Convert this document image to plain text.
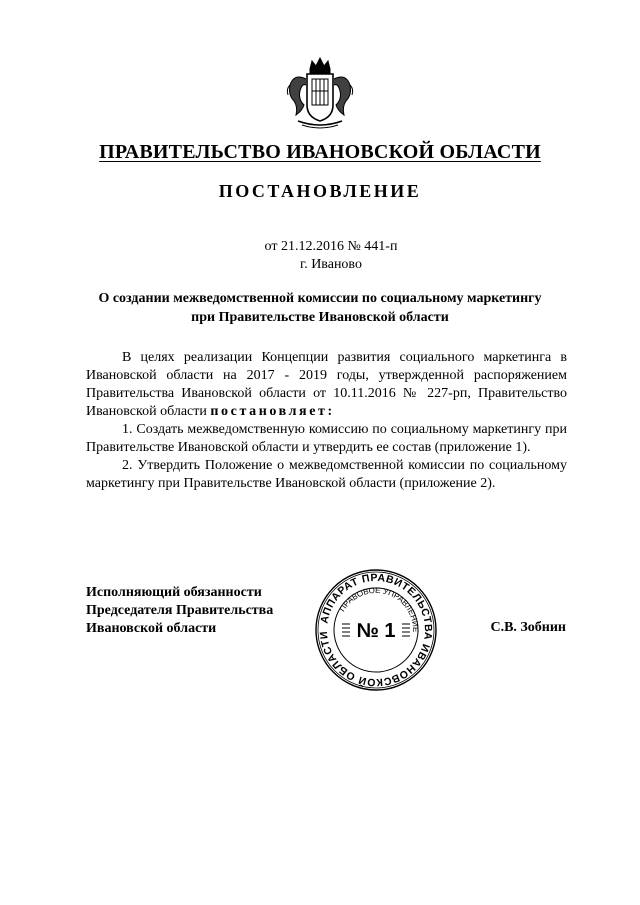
ПРАВИТЕЛЬСТВО ИВАНОВСКОЙ ОБЛАСТИ
ПОСТАНОВЛЕНИЕ
от 21.12.2016 № 441-п
г. Иваново
О создании межведомственной комиссии по социальному маркетингу
при Правительстве Ивановской области

В целях реализации Концепции развития социального маркетинга в Ивановской области на 2017 - 2019 годы, утвержденной распоряжением Правительства Ивановской области от 10.11.2016 № 227-рп, Правительство Ивановской области постановляет:

1. Создать межведомственную комиссию по социальному маркетингу при Правительстве Ивановской области и утвердить ее состав (приложение 1).

2. Утвердить Положение о межведомственной комиссии по социальному маркетингу при Правительстве Ивановской области (приложение 2).

Исполняющий обязанности
Председателя Правительства
Ивановской области
АППАРАТ ПРАВИТЕЛЬСТВА ИВАНОВСКОЙ ОБЛАСТИ
ПРАВОВОЕ УПРАВЛЕНИЕ
№ 1	С.В. Зобнин
